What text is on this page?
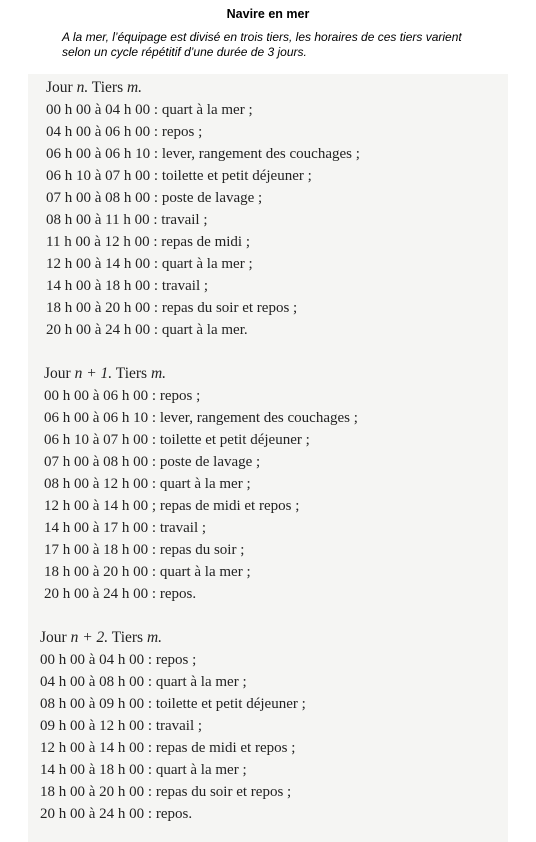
Navire en mer
A la mer, l’équipage est divisé en trois tiers, les horaires de ces tiers varient selon un cycle répétitif d’une durée de 3 jours.
Jour n. Tiers m.
00 h 00 à 04 h 00 : quart à la mer ;
04 h 00 à 06 h 00 : repos ;
06 h 00 à 06 h 10 : lever, rangement des couchages ;
06 h 10 à 07 h 00 : toilette et petit déjeuner ;
07 h 00 à 08 h 00 : poste de lavage ;
08 h 00 à 11 h 00 : travail ;
11 h 00 à 12 h 00 : repas de midi ;
12 h 00 à 14 h 00 : quart à la mer ;
14 h 00 à 18 h 00 : travail ;
18 h 00 à 20 h 00 : repas du soir et repos ;
20 h 00 à 24 h 00 : quart à la mer.
Jour n + 1. Tiers m.
00 h 00 à 06 h 00 : repos ;
06 h 00 à 06 h 10 : lever, rangement des couchages ;
06 h 10 à 07 h 00 : toilette et petit déjeuner ;
07 h 00 à 08 h 00 : poste de lavage ;
08 h 00 à 12 h 00 : quart à la mer ;
12 h 00 à 14 h 00 ; repas de midi et repos ;
14 h 00 à 17 h 00 : travail ;
17 h 00 à 18 h 00 : repas du soir ;
18 h 00 à 20 h 00 : quart à la mer ;
20 h 00 à 24 h 00 : repos.
Jour n + 2. Tiers m.
00 h 00 à 04 h 00 : repos ;
04 h 00 à 08 h 00 : quart à la mer ;
08 h 00 à 09 h 00 : toilette et petit déjeuner ;
09 h 00 à 12 h 00 : travail ;
12 h 00 à 14 h 00 : repas de midi et repos ;
14 h 00 à 18 h 00 : quart à la mer ;
18 h 00 à 20 h 00 : repas du soir et repos ;
20 h 00 à 24 h 00 : repos.
